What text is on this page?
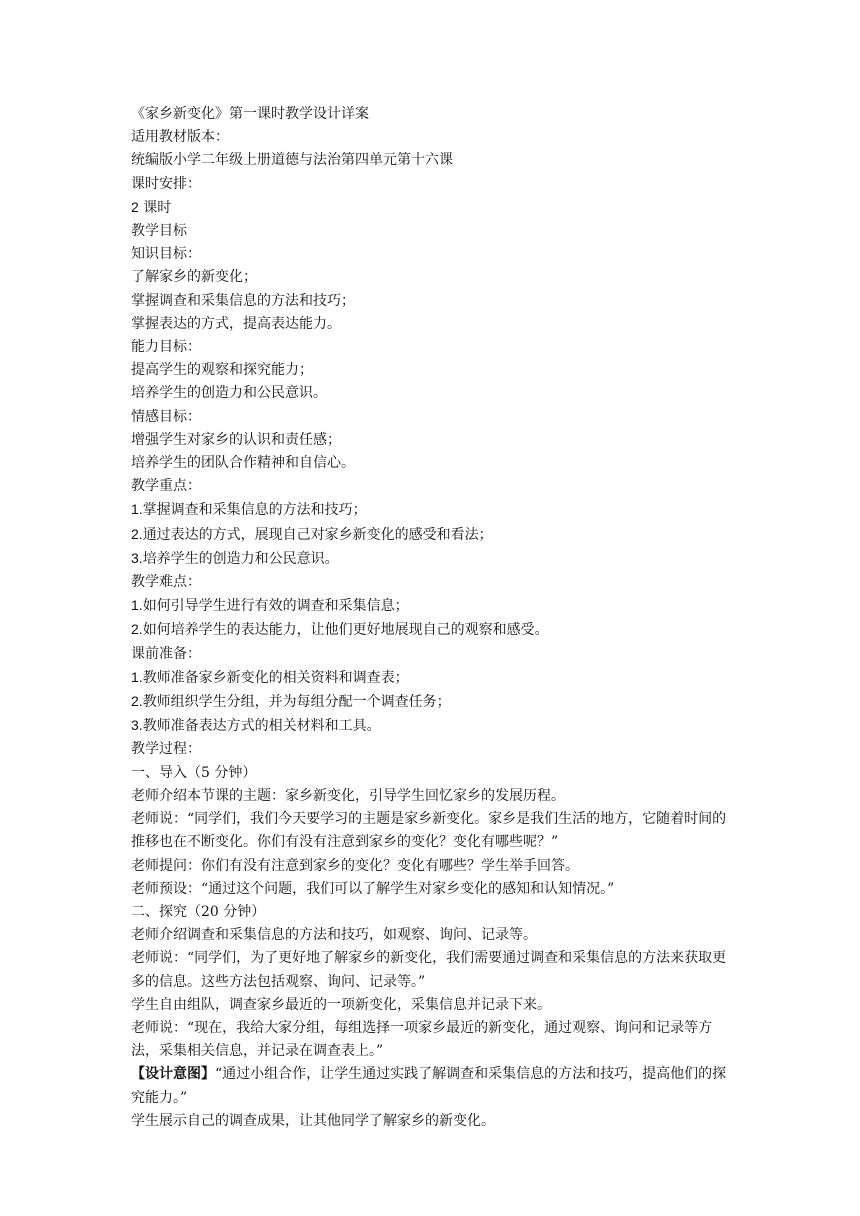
《家乡新变化》第一课时教学设计详案
适用教材版本：
统编版小学二年级上册道德与法治第四单元第十六课
课时安排：
2 课时
教学目标
知识目标：
了解家乡的新变化；
掌握调查和采集信息的方法和技巧；
掌握表达的方式，提高表达能力。
能力目标：
提高学生的观察和探究能力；
培养学生的创造力和公民意识。
情感目标：
增强学生对家乡的认识和责任感；
培养学生的团队合作精神和自信心。
教学重点：
1.掌握调查和采集信息的方法和技巧；
2.通过表达的方式，展现自己对家乡新变化的感受和看法；
3.培养学生的创造力和公民意识。
教学难点：
1.如何引导学生进行有效的调查和采集信息；
2.如何培养学生的表达能力，让他们更好地展现自己的观察和感受。
课前准备：
1.教师准备家乡新变化的相关资料和调查表；
2.教师组织学生分组，并为每组分配一个调查任务；
3.教师准备表达方式的相关材料和工具。
教学过程：
一、导入（5 分钟）
老师介绍本节课的主题：家乡新变化，引导学生回忆家乡的发展历程。
老师说：“同学们，我们今天要学习的主题是家乡新变化。家乡是我们生活的地方，它随着时间的推移也在不断变化。你们有没有注意到家乡的变化？变化有哪些呢？”
老师提问：你们有没有注意到家乡的变化？变化有哪些？学生举手回答。
老师预设：“通过这个问题，我们可以了解学生对家乡变化的感知和认知情况。”
二、探究（20 分钟）
老师介绍调查和采集信息的方法和技巧，如观察、询问、记录等。
老师说：“同学们，为了更好地了解家乡的新变化，我们需要通过调查和采集信息的方法来获取更多的信息。这些方法包括观察、询问、记录等。”
学生自由组队，调查家乡最近的一项新变化，采集信息并记录下来。
老师说：“现在，我给大家分组，每组选择一项家乡最近的新变化，通过观察、询问和记录等方法，采集相关信息，并记录在调查表上。”
【设计意图】“通过小组合作，让学生通过实践了解调查和采集信息的方法和技巧，提高他们的探究能力。”
学生展示自己的调查成果，让其他同学了解家乡的新变化。
